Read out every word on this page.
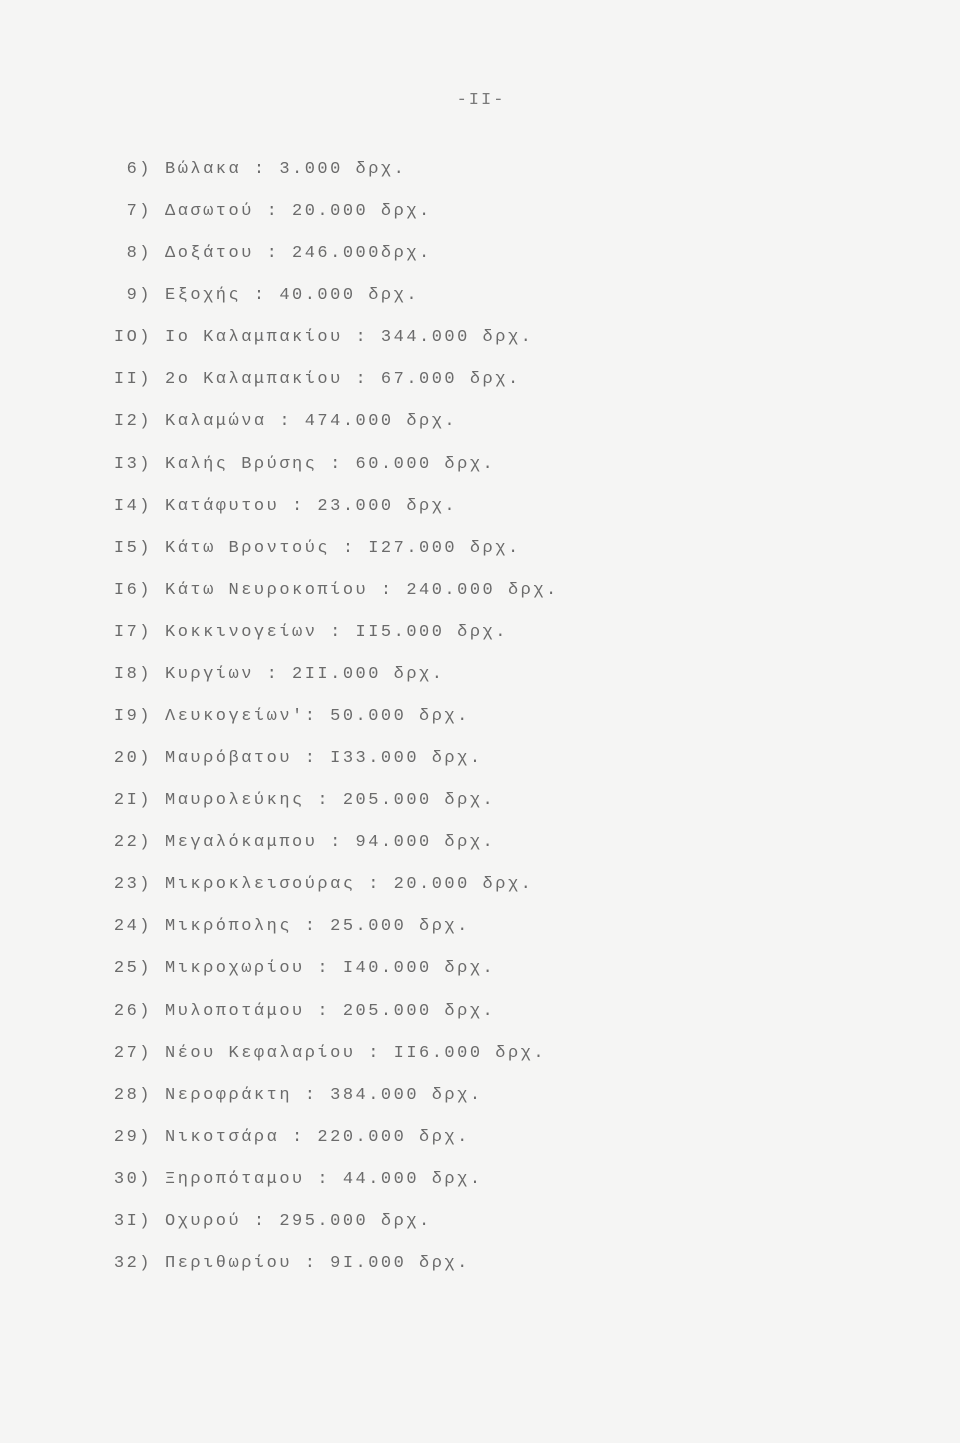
-II-
6) Βώλακα : 3.000 δρχ.
7) Δασωτού : 20.000 δρχ.
8) Δοξάτου : 246.000δρχ.
9) Εξοχής : 40.000 δρχ.
IO) Iο Καλαμπακίου : 344.000 δρχ.
II) 2ο Καλαμπακίου : 67.000 δρχ.
I2) Καλαμώνα : 474.000 δρχ.
I3) Καλής Βρύσης : 60.000 δρχ.
I4) Κατάφυτου : 23.000 δρχ.
I5) Κάτω Βροντούς : I27.000 δρχ.
I6) Κάτω Νευροκοπίου : 240.000 δρχ.
I7) Κοκκινογείων : II5.000 δρχ.
I8) Κυργίων : 2II.000 δρχ.
I9) Λευκογείων': 50.000 δρχ.
20) Μαυρόβατου : I33.000 δρχ.
2I) Μαυρολεύκης : 205.000 δρχ.
22) Μεγαλόκαμπου : 94.000 δρχ.
23) Μικροκλεισούρας : 20.000 δρχ.
24) Μικρόπολης : 25.000 δρχ.
25) Μικροχωρίου : I40.000 δρχ.
26) Μυλοποτάμου : 205.000 δρχ.
27) Νέου Κεφαλαρίου : II6.000 δρχ.
28) Νεροφράκτη : 384.000 δρχ.
29) Νικοτσάρα : 220.000 δρχ.
30) Ξηροπόταμου : 44.000 δρχ.
3I) Οχυρού : 295.000 δρχ.
32) Περιθωρίου : 9I.000 δρχ.
